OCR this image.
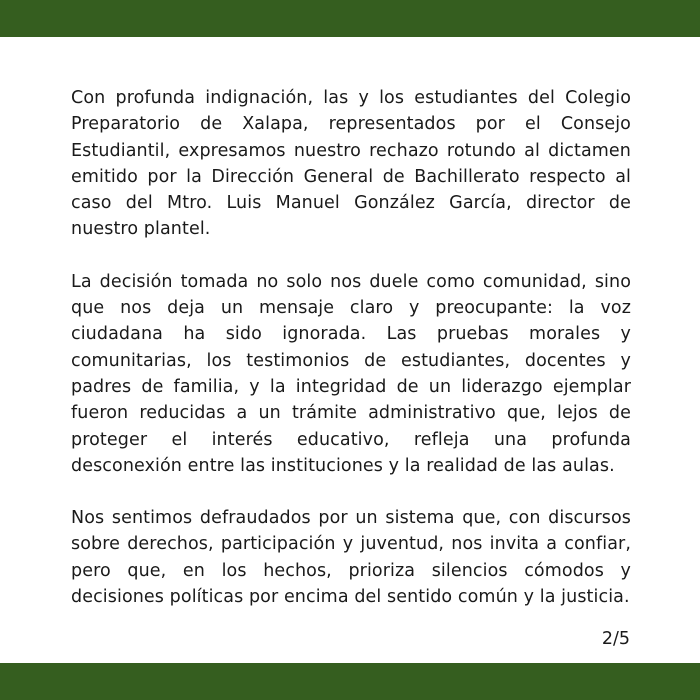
Con profunda indignación, las y los estudiantes del Colegio Preparatorio de Xalapa, representados por el Consejo Estudiantil, expresamos nuestro rechazo rotundo al dictamen emitido por la Dirección General de Bachillerato respecto al caso del Mtro. Luis Manuel González García, director de nuestro plantel.

La decisión tomada no solo nos duele como comunidad, sino que nos deja un mensaje claro y preocupante: la voz ciudadana ha sido ignorada. Las pruebas morales y comunitarias, los testimonios de estudiantes, docentes y padres de familia, y la integridad de un liderazgo ejemplar fueron reducidas a un trámite administrativo que, lejos de proteger el interés educativo, refleja una profunda desconexión entre las instituciones y la realidad de las aulas.

Nos sentimos defraudados por un sistema que, con discursos sobre derechos, participación y juventud, nos invita a confiar, pero que, en los hechos, prioriza silencios cómodos y decisiones políticas por encima del sentido común y la justicia.

2/5
